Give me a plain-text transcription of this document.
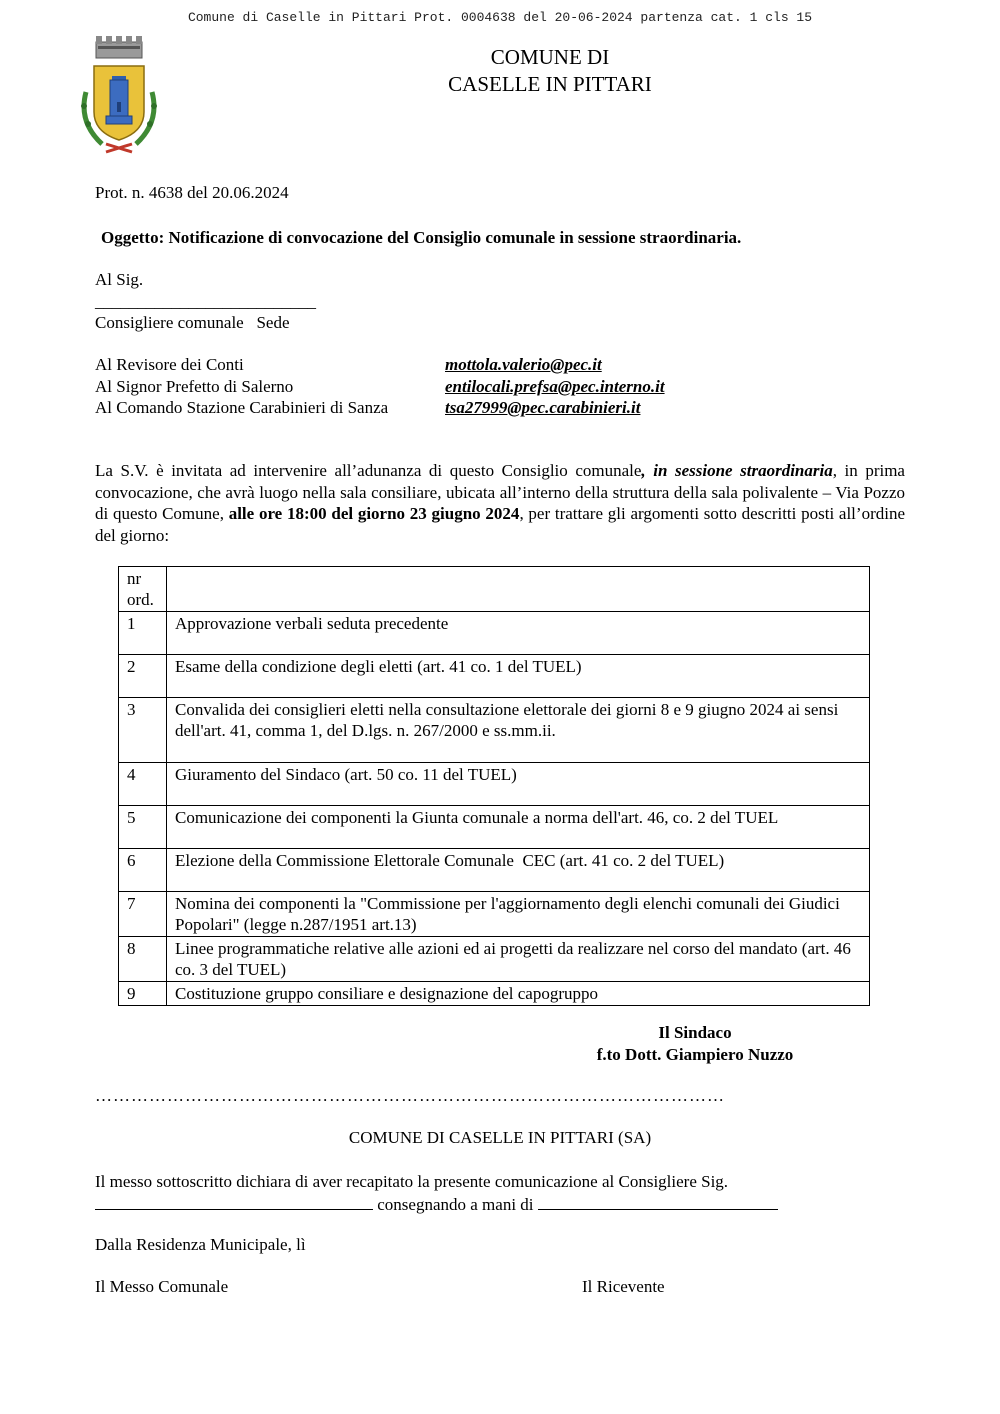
Comune di Caselle in Pittari Prot. 0004638 del 20-06-2024 partenza cat. 1 cls 15
COMUNE DI
CASELLE IN PITTARI
Prot. n. 4638 del 20.06.2024
Oggetto: Notificazione di convocazione del Consiglio comunale in sessione straordinaria.
Al Sig.
__________________________
Consigliere comunale   Sede
Al Revisore dei Conti	mottola.valerio@pec.it
Al Signor Prefetto di Salerno	entilocali.prefsa@pec.interno.it
Al Comando Stazione Carabinieri di Sanza	tsa27999@pec.carabinieri.it
La S.V. è invitata ad intervenire all’adunanza di questo Consiglio comunale, in sessione straordinaria, in prima convocazione, che avrà luogo nella sala consiliare, ubicata all’interno della struttura della sala polivalente – Via Pozzo di questo Comune, alle ore 18:00 del giorno 23 giugno 2024, per trattare gli argomenti sotto descritti posti all’ordine del giorno:
nr
ord.	
1	Approvazione verbali seduta precedente
2	Esame della condizione degli eletti (art. 41 co. 1 del TUEL)
3	Convalida dei consiglieri eletti nella consultazione elettorale dei giorni 8 e 9 giugno 2024 ai sensi dell'art. 41, comma 1, del D.lgs. n. 267/2000 e ss.mm.ii.
4	Giuramento del Sindaco (art. 50 co. 11 del TUEL)
5	Comunicazione dei componenti la Giunta comunale a norma dell'art. 46, co. 2 del TUEL
6	Elezione della Commissione Elettorale Comunale  CEC (art. 41 co. 2 del TUEL)
7	Nomina dei componenti la "Commissione per l'aggiornamento degli elenchi comunali dei Giudici Popolari" (legge n.287/1951 art.13)
8	Linee programmatiche relative alle azioni ed ai progetti da realizzare nel corso del mandato (art. 46 co. 3 del TUEL)
9	Costituzione gruppo consiliare e designazione del capogruppo
Il Sindaco
f.to Dott. Giampiero Nuzzo
……………………………………………………………………………………………
COMUNE DI CASELLE IN PITTARI (SA)
Il messo sottoscritto dichiara di aver recapitato la presente comunicazione al Consigliere Sig.
consegnando a mani di
Dalla Residenza Municipale, lì
Il Messo Comunale	Il Ricevente
